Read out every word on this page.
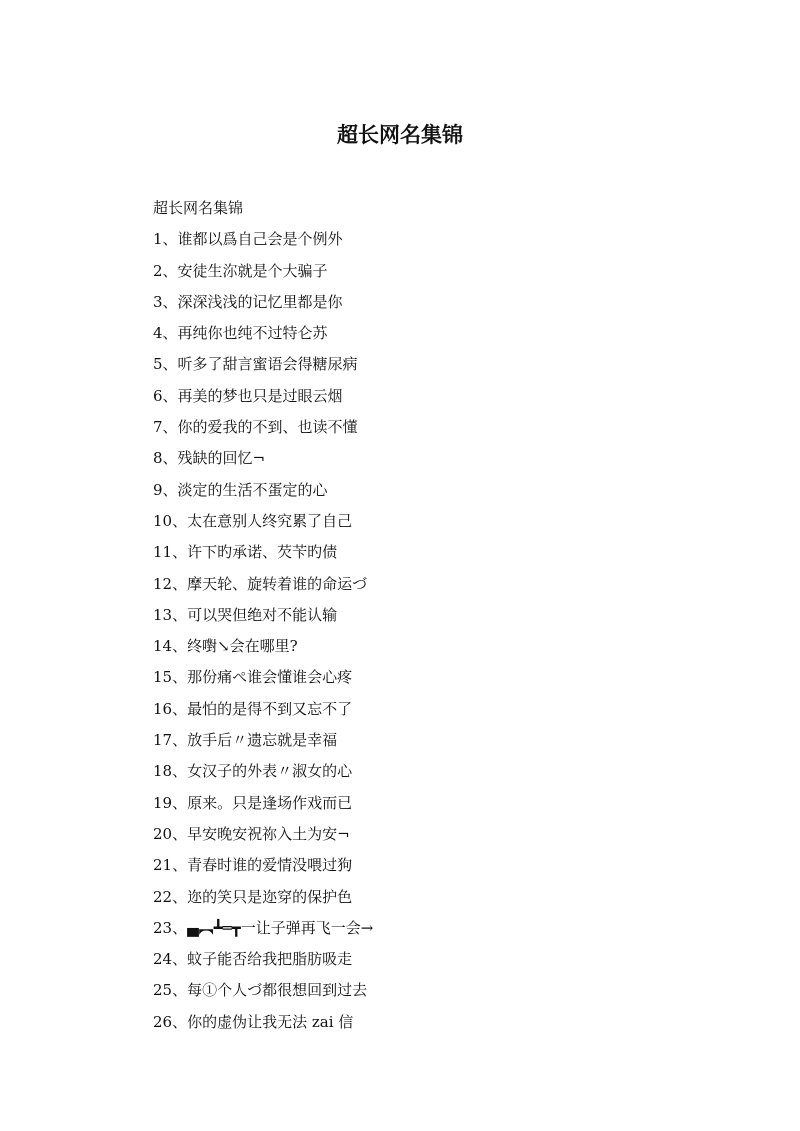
超长网名集锦
超长网名集锦
1、谁都以爲自己会是个例外
2、安徒生沵就是个大骗子
3、深深浅浅的记忆里都是你
4、再纯你也纯不过特仑苏
5、听多了甜言蜜语会得糖尿病
6、再美的梦也只是过眼云烟
7、你的爱我的不到、也读不懂
8、残缺的回忆¬
9、淡定的生活不蛋定的心
10、太在意别人终究累了自己
11、许下旳承诺、芡苄旳债
12、摩天轮、旋转着谁的命运づ
13、可以哭但绝对不能认输
14、终嚉↘会在哪里?
15、那份痛ぺ谁会懂谁会心疼
16、最怕的是得不到又忘不了
17、放手后〃遗忘就是幸福
18、女汉子的外表〃淑女的心
19、原来。只是逢场作戏而已
20、早安晚安祝祢入土为安¬
21、青春时谁的爱情没喂过狗
22、迩的笑只是迩穿的保护色
23、▄︻┻═┳一让子弹再飞一会→
24、蚊子能否给我把脂肪吸走
25、每①个人づ都很想回到过去
26、你的虚伪让我无法 zai 信
